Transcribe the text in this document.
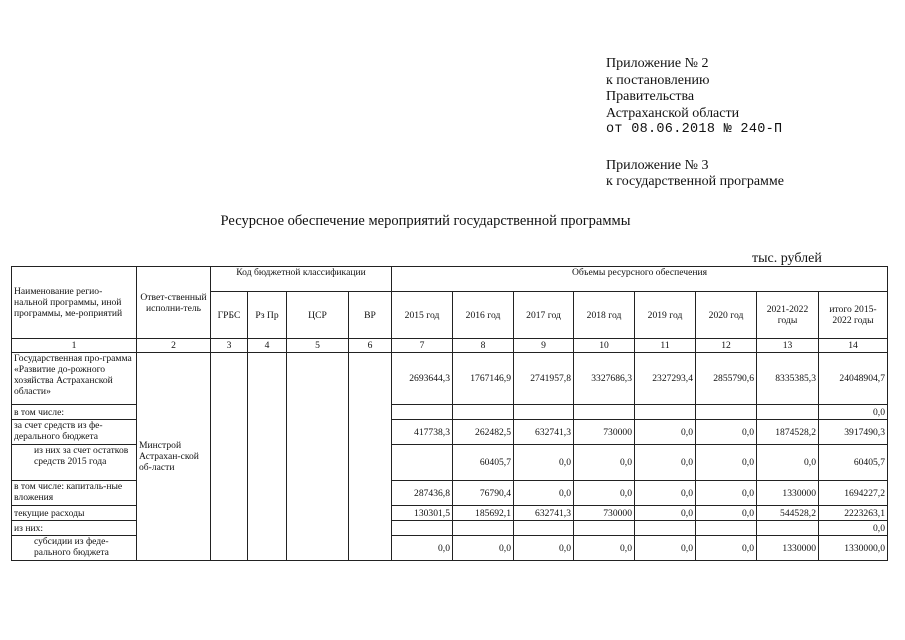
Приложение № 2
к постановлению
Правительства
Астраханской области
от 08.06.2018 № 240-П
Приложение № 3
к государственной программе
Ресурсное обеспечение мероприятий государственной программы
тыс. рублей
Наименование регио-нальной программы, иной программы, ме-роприятий	Ответ-ственный исполни-тель	Код бюджетной классификации				Объемы ресурсного обеспечения							
		ГРБС	Рз Пр	ЦСР	ВР	2015 год	2016 год	2017 год	2018 год	2019 год	2020 год	2021-2022 годы	итого 2015-2022 годы
1	2	3	4	5	6	7	8	9	10	11	12	13	14
Государственная про-грамма «Развитие до-рожного хозяйства Астраханской области»	Минстрой Астрахан-ской об-ласти					2693644,3	1767146,9	2741957,8	3327686,3	2327293,4	2855790,6	8335385,3	24048904,7
в том числе:													0,0
за счет средств из фе-дерального бюджета						417738,3	262482,5	632741,3	730000	0,0	0,0	1874528,2	3917490,3
из них за счет остатков средств 2015 года							60405,7	0,0	0,0	0,0	0,0	0,0	60405,7
в том числе: капиталь-ные вложения						287436,8	76790,4	0,0	0,0	0,0	0,0	1330000	1694227,2
текущие расходы						130301,5	185692,1	632741,3	730000	0,0	0,0	544528,2	2223263,1
из них:													0,0
субсидии из феде-рального бюджета						0,0	0,0	0,0	0,0	0,0	0,0	1330000	1330000,0
